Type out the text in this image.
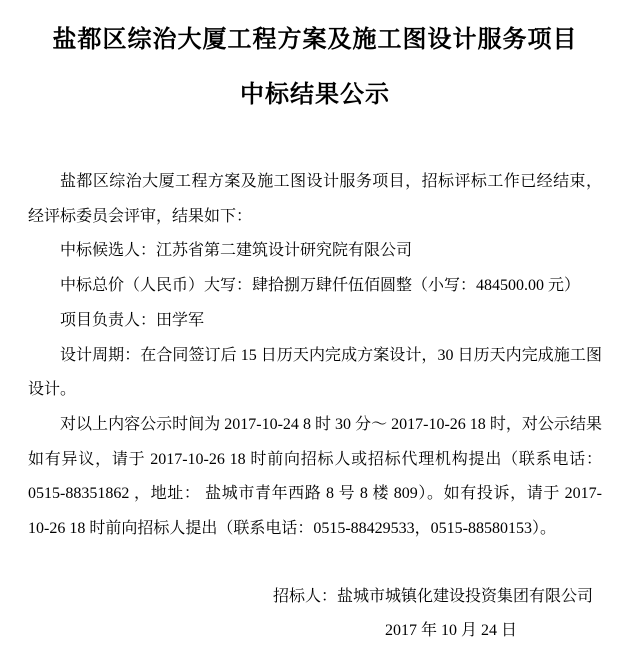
盐都区综治大厦工程方案及施工图设计服务项目
中标结果公示

盐都区综治大厦工程方案及施工图设计服务项目，招标评标工作已经结束，经评标委员会评审，结果如下：

中标候选人：江苏省第二建筑设计研究院有限公司

中标总价（人民币）大写：肆拾捌万肆仟伍佰圆整（小写：484500.00 元）

项目负责人：田学军

设计周期：在合同签订后 15 日历天内完成方案设计，30 日历天内完成施工图设计。

对以上内容公示时间为 2017-10-24 8 时 30 分～ 2017-10-26 18 时，对公示结果如有异议，请于 2017-10-26 18 时前向招标人或招标代理机构提出（联系电话：0515-88351862 ，地址： 盐城市青年西路 8 号 8 楼 809）。如有投诉，请于 2017-10-26 18 时前向招标人提出（联系电话：0515-88429533，0515-88580153）。

招标人：盐城市城镇化建设投资集团有限公司

2017 年 10 月 24 日
